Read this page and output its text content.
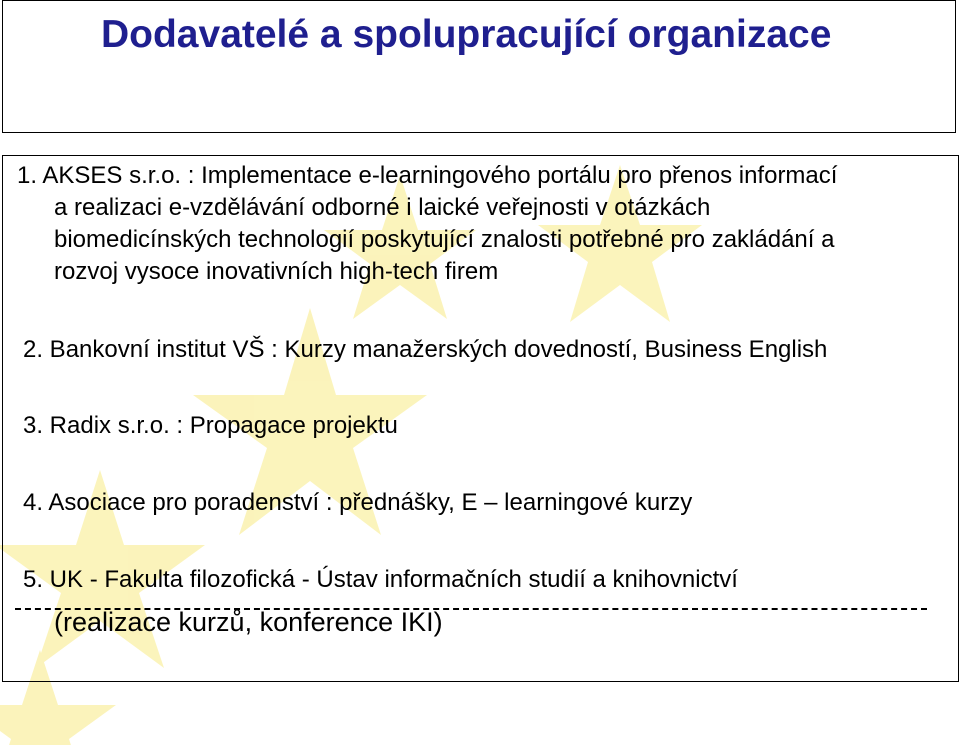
Dodavatelé a spolupracující organizace
1. AKSES s.r.o. : Implementace e-learningového portálu pro přenos informací
a realizaci e-vzdělávání odborné i laické veřejnosti v otázkách
biomedicínských technologií poskytující znalosti potřebné pro zakládání a
rozvoj vysoce inovativních high-tech firem
2. Bankovní institut VŠ : Kurzy manažerských dovedností, Business English
3. Radix s.r.o. : Propagace projektu
4. Asociace pro poradenství : přednášky, E – learningové kurzy
5. UK - Fakulta filozofická - Ústav informačních studií a knihovnictví
(realizace kurzů, konference IKI)
